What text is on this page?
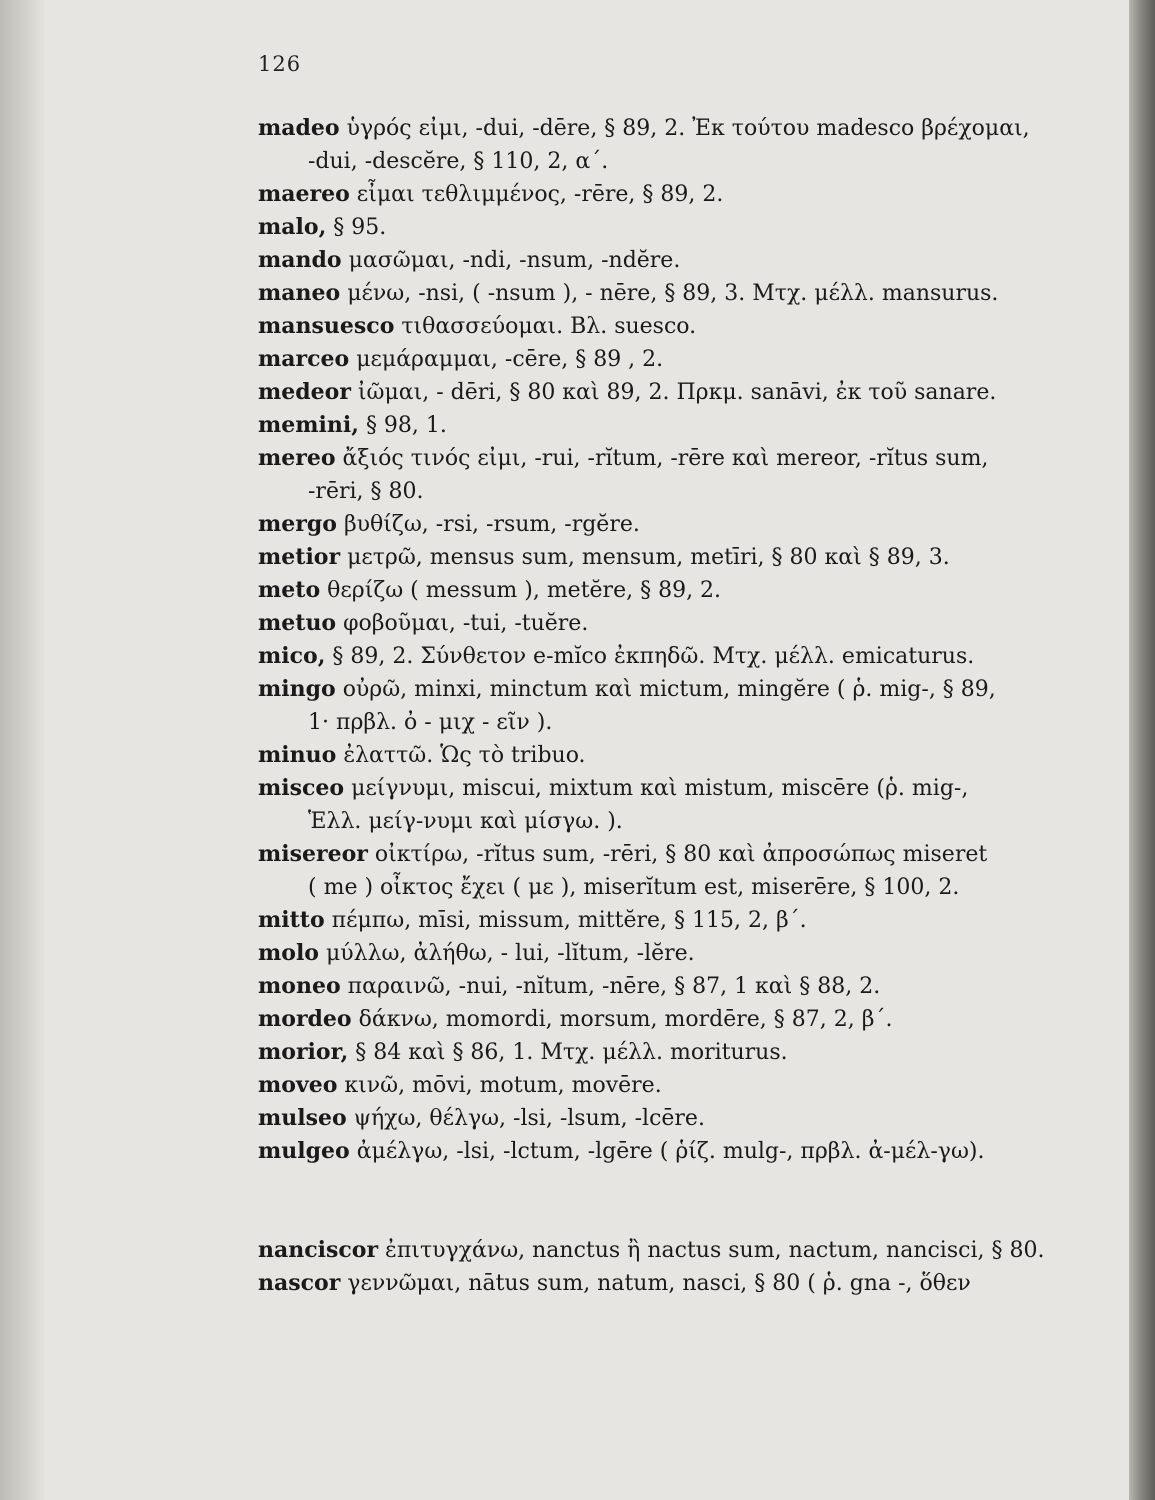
126
madeo ὑγρός εἰμι, -dui, -dēre, § 89, 2. Ἐκ τούτου madesco βρέχομαι,
-dui, -descĕre, § 110, 2, α΄.
maereo εἶμαι τεθλιμμένος, -rēre, § 89, 2.
malo, § 95.
mando μασῶμαι, -ndi, -nsum, -ndĕre.
maneo μένω, -nsi, ( -nsum ), - nēre, § 89, 3. Μτχ. μέλλ. mansurus.
mansuesco τιθασσεύομαι. Βλ. suesco.
marceo μεμάραμμαι, -cēre, § 89 , 2.
medeor ἰῶμαι, - dēri, § 80 καὶ 89, 2. Πρκμ. sanāvi, ἐκ τοῦ sanare.
memini, § 98, 1.
mereo ἄξιός τινός εἰμι, -rui, -rĭtum, -rēre καὶ mereor, -rĭtus sum,
-rēri, § 80.
mergo βυθίζω, -rsi, -rsum, -rgĕre.
metior μετρῶ, mensus sum, mensum, metīri, § 80 καὶ § 89, 3.
meto θερίζω ( messum ), metĕre, § 89, 2.
metuo φοβοῦμαι, -tui, -tuĕre.
mico, § 89, 2. Σύνθετον e-mĭco ἐκπηδῶ. Μτχ. μέλλ. emicaturus.
mingo οὐρῶ, minxi, minctum καὶ mictum, mingĕre ( ῥ. mig-, § 89,
1· πρβλ. ὀ - μιχ - εῖν ).
minuo ἐλαττῶ. Ὡς τὸ tribuo.
misceo μείγνυμι, miscui, mixtum καὶ mistum, miscēre (ῥ. mig-,
Ἑλλ. μείγ-νυμι καὶ μίσγω. ).
misereor οἰκτίρω, -rĭtus sum, -rēri, § 80 καὶ ἀπροσώπως miseret
( me ) οἶκτος ἔχει ( με ), miserĭtum est, miserēre, § 100, 2.
mitto πέμπω, mīsi, missum, mittĕre, § 115, 2, β΄.
molo μύλλω, ἀλήθω, - lui, -lĭtum, -lĕre.
moneo παραινῶ, -nui, -nĭtum, -nēre, § 87, 1 καὶ § 88, 2.
mordeo δάκνω, momordi, morsum, mordēre, § 87, 2, β΄.
morior, § 84 καὶ § 86, 1. Μτχ. μέλλ. moriturus.
moveo κινῶ, mōvi, motum, movēre.
mulseo ψήχω, θέλγω, -lsi, -lsum, -lcēre.
mulgeo ἀμέλγω, -lsi, -lctum, -lgēre ( ῥίζ. mulg-, πρβλ. ἀ-μέλ-γω).
nanciscor ἐπιτυγχάνω, nanctus ἢ nactus sum, nactum, nancisci, § 80.
nascor γεννῶμαι, nātus sum, natum, nasci, § 80 ( ῥ. gna -, ὅθεν
